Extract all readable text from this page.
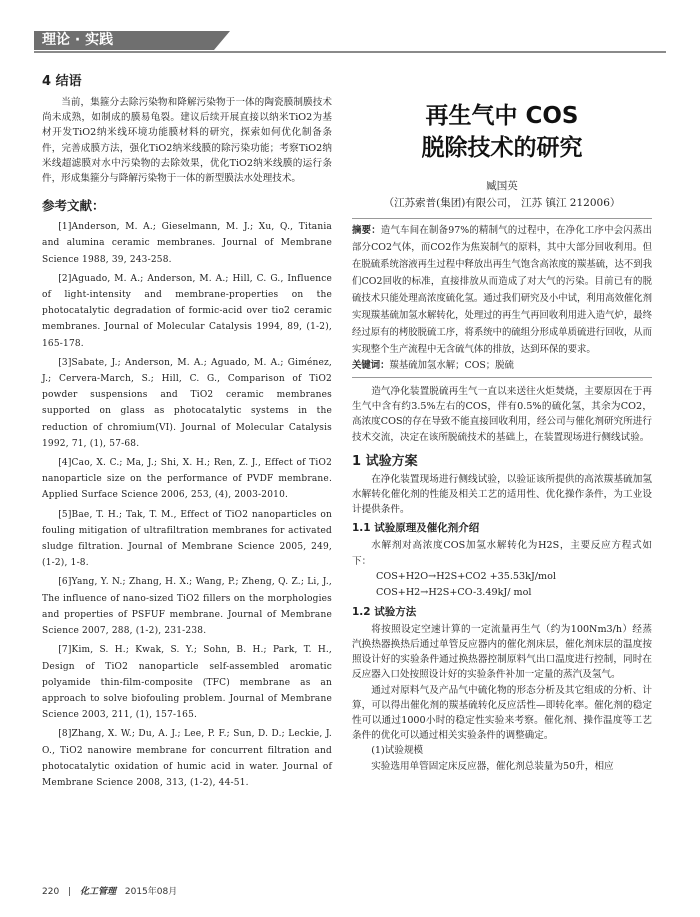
理论 · 实践
4 结语

当前，集箍分去除污染物和降解污染物于一体的陶瓷膜制膜技术尚未成熟，如制成的膜易龟裂。建议后续开展直接以纳米TiO2为基材开发TiO2纳米线环境功能膜材料的研究，探索如何优化制备条件，完善成膜方法，强化TiO2纳米线膜的除污染功能；考察TiO2纳米线超滤膜对水中污染物的去除效果，优化TiO2纳米线膜的运行条件，形成集箍分与降解污染物于一体的新型膜法水处理技术。

参考文献：

[1]Anderson, M. A.; Gieselmann, M. J.; Xu, Q., Titania and alumina ceramic membranes. Journal of Membrane Science 1988, 39, 243-258.

[2]Aguado, M. A.; Anderson, M. A.; Hill, C. G., Influence of light-intensity and membrane-properties on the photocatalytic degradation of formic-acid over tio2 ceramic membranes. Journal of Molecular Catalysis 1994, 89, (1-2), 165-178.

[3]Sabate, J.; Anderson, M. A.; Aguado, M. A.; Giménez, J.; Cervera-March, S.; Hill, C. G., Comparison of TiO2 powder suspensions and TiO2 ceramic membranes supported on glass as photocatalytic systems in the reduction of chromium(VI). Journal of Molecular Catalysis 1992, 71, (1), 57-68.

[4]Cao, X. C.; Ma, J.; Shi, X. H.; Ren, Z. J., Effect of TiO2 nanoparticle size on the performance of PVDF membrane. Applied Surface Science 2006, 253, (4), 2003-2010.

[5]Bae, T. H.; Tak, T. M., Effect of TiO2 nanoparticles on fouling mitigation of ultrafiltration membranes for activated sludge filtration. Journal of Membrane Science 2005, 249, (1-2), 1-8.

[6]Yang, Y. N.; Zhang, H. X.; Wang, P.; Zheng, Q. Z.; Li, J., The influence of nano-sized TiO2 fillers on the morphologies and properties of PSFUF membrane. Journal of Membrane Science 2007, 288, (1-2), 231-238.

[7]Kim, S. H.; Kwak, S. Y.; Sohn, B. H.; Park, T. H., Design of TiO2 nanoparticle self-assembled aromatic polyamide thin-film-composite (TFC) membrane as an approach to solve biofouling problem. Journal of Membrane Science 2003, 211, (1), 157-165.

[8]Zhang, X. W.; Du, A. J.; Lee, P. F.; Sun, D. D.; Leckie, J. O., TiO2 nanowire membrane for concurrent filtration and photocatalytic oxidation of humic acid in water. Journal of Membrane Science 2008, 313, (1-2), 44-51.

再生气中 COS
脱除技术的研究
臧国英
（江苏索普(集团)有限公司， 江苏 镇江 212006）

摘要：造气车间在制备97%的精制气的过程中，在净化工序中会闪蒸出部分CO2气体，而CO2作为焦炭制气的原料，其中大部分回收利用。但在脱硫系统溶液再生过程中释放出再生气饱含高浓度的羰基硫，达不到我们CO2回收的标准，直接排放从而造成了对大气的污染。目前已有的脱硫技术只能处理高浓度硫化氢。通过我们研究及小中试，利用高效催化剂实现羰基硫加氢水解转化，处理过的再生气再回收利用进入造气炉，最终经过原有的栲胶脱硫工序，将系统中的硫组分形成单质硫进行回收，从而实现整个生产流程中无含硫气体的排放，达到环保的要求。

关键词：羰基硫加氢水解；COS；脱硫

造气净化装置脱硫再生气一直以来送往火炬焚烧，主要原因在于再生气中含有约3.5%左右的COS，伴有0.5%的硫化氢，其余为CO2，高浓度COS的存在导致不能直接回收利用，经公司与催化剂研究所进行技术交流，决定在该所脱硫技术的基础上，在装置现场进行侧线试验。

1 试验方案

在净化装置现场进行侧线试验，以验证该所提供的高浓羰基硫加氢水解转化催化剂的性能及相关工艺的适用性、优化操作条件，为工业设计提供条件。

1.1 试验原理及催化剂介绍

水解剂对高浓度COS加氢水解转化为H2S，主要反应方程式如下：

COS+H2O→H2S+CO2 +35.53kJ/mol

COS+H2→H2S+CO-3.49kJ/ mol

1.2 试验方法

将按照设定空速计算的一定流量再生气（约为100Nm3/h）经蒸汽换热器换热后通过单管反应器内的催化剂床层，催化剂床层的温度按照设计好的实验条件通过换热器控制原料气出口温度进行控制，同时在反应器入口处按照设计好的实验条件补加一定量的蒸汽及氢气。

通过对原料气及产品气中硫化物的形态分析及其它组成的分析、计算，可以得出催化剂的羰基硫转化反应活性—即转化率。催化剂的稳定性可以通过1000小时的稳定性实验来考察。催化剂、操作温度等工艺条件的优化可以通过相关实验条件的调整确定。

(1)试验规模

实验选用单管固定床反应器，催化剂总装量为50升，相应

220 | 化工管理 2015年08月
